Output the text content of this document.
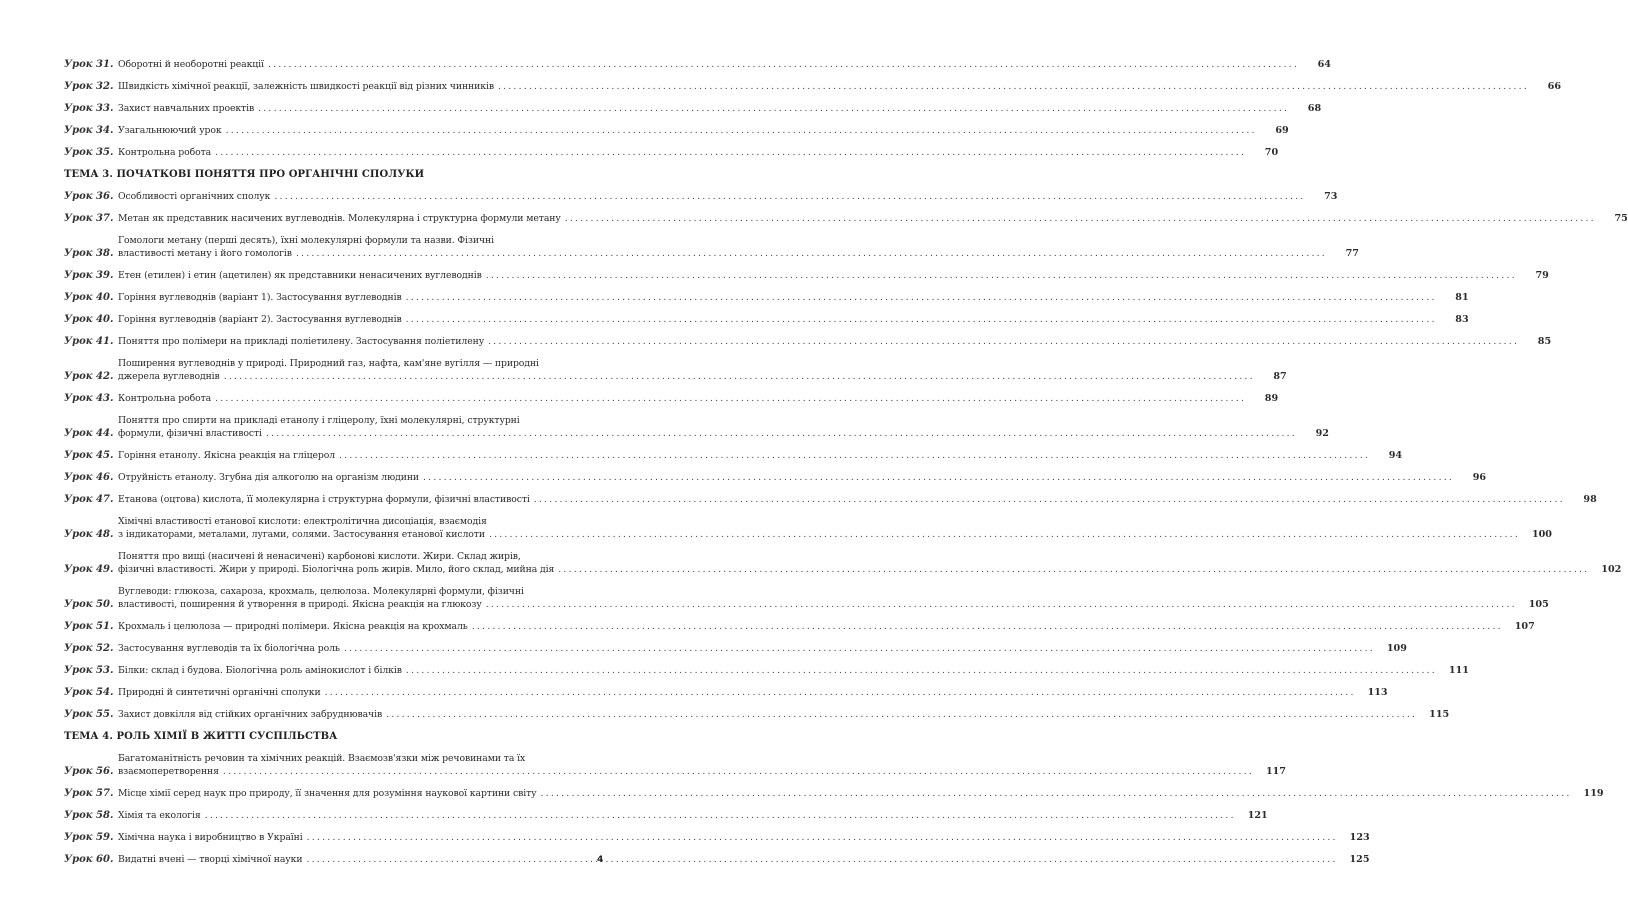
Урок 31. Оборотні й необоротні реакції .....	64
Урок 32. Швидкість хімічної реакції, залежність швидкості реакції від різних чинників .....	66
Урок 33. Захист навчальних проектів .....	68
Урок 34. Узагальнюючий урок .....	69
Урок 35. Контрольна робота .....	70
ТЕМА 3. ПОЧАТКОВІ ПОНЯТТЯ ПРО ОРГАНІЧНІ СПОЛУКИ
Урок 36. Особливості органічних сполук .....	73
Урок 37. Метан як представник насичених вуглеводнів. Молекулярна і структурна формули метану .....	75
Урок 38.
Гомологи метану (перші десять), їхні молекулярні формули та назви. Фізичні
властивості метану і його гомологів .....	77
Урок 39. Етен (етилен) і етин (ацетилен) як представники ненасичених вуглеводнів .....	79
Урок 40. Горіння вуглеводнів (варіант 1). Застосування вуглеводнів .....	81
Урок 40. Горіння вуглеводнів (варіант 2). Застосування вуглеводнів .....	83
Урок 41. Поняття про полімери на прикладі поліетилену. Застосування поліетилену .....	85
Урок 42.
Поширення вуглеводнів у природі. Природний газ, нафта, кам'яне вугілля — природні
джерела вуглеводнів .....	87
Урок 43. Контрольна робота .....	89
Урок 44.
Поняття про спирти на прикладі етанолу і гліцеролу, їхні молекулярні, структурні
формули, фізичні властивості .....	92
Урок 45. Горіння етанолу. Якісна реакція на гліцерол .....	94
Урок 46. Отруйність етанолу. Згубна дія алкоголю на організм людини .....	96
Урок 47. Етанова (оцтова) кислота, її молекулярна і структурна формули, фізичні властивості .....	98
Урок 48.
Хімічні властивості етанової кислоти: електролітична дисоціація, взаємодія
з індикаторами, металами, лугами, солями. Застосування етанової кислоти .....	100
Урок 49.
Поняття про вищі (насичені й ненасичені) карбонові кислоти. Жири. Склад жирів,
фізичні властивості. Жири у природі. Біологічна роль жирів. Мило, його склад, мийна дія .....	102
Урок 50.
Вуглеводи: глюкоза, сахароза, крохмаль, целюлоза. Молекулярні формули, фізичні
властивості, поширення й утворення в природі. Якісна реакція на глюкозу .....	105
Урок 51. Крохмаль і целюлоза — природні полімери. Якісна реакція на крохмаль .....	107
Урок 52. Застосування вуглеводів та їх біологічна роль .....	109
Урок 53. Білки: склад і будова. Біологічна роль амінокислот і білків .....	111
Урок 54. Природні й синтетичні органічні сполуки .....	113
Урок 55. Захист довкілля від стійких органічних забруднювачів .....	115
ТЕМА 4. РОЛЬ ХІМІЇ В ЖИТТІ СУСПІЛЬСТВА
Урок 56.
Багатоманітність речовин та хімічних реакцій. Взаємозв'язки між речовинами та їх
взаємоперетворення .....	117
Урок 57. Місце хімії серед наук про природу, її значення для розуміння наукової картини світу .....	119
Урок 58. Хімія та екологія .....	121
Урок 59. Хімічна наука і виробництво в Україні .....	123
Урок 60. Видатні вчені — творці хімічної науки .....	125
4
